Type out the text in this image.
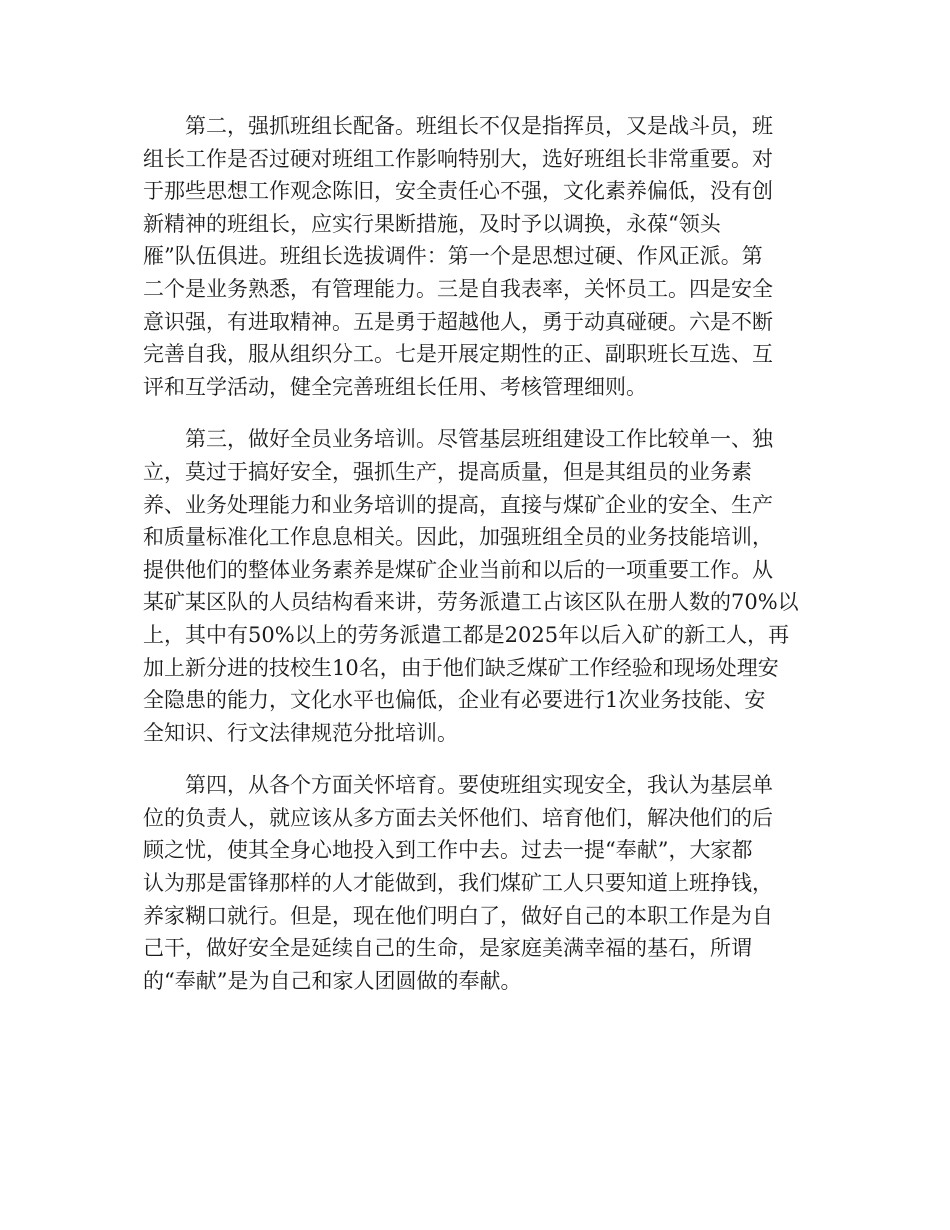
第二，强抓班组长配备。班组长不仅是指挥员，又是战斗员，班
组长工作是否过硬对班组工作影响特别大，选好班组长非常重要。对
于那些思想工作观念陈旧，安全责任心不强，文化素养偏低，没有创
新精神的班组长，应实行果断措施，及时予以调换，永葆“领头
雁”队伍俱进。班组长选拔调件：第一个是思想过硬、作风正派。第
二个是业务熟悉，有管理能力。三是自我表率，关怀员工。四是安全
意识强，有进取精神。五是勇于超越他人，勇于动真碰硬。六是不断
完善自我，服从组织分工。七是开展定期性的正、副职班长互选、互
评和互学活动，健全完善班组长任用、考核管理细则。
第三，做好全员业务培训。尽管基层班组建设工作比较单一、独
立，莫过于搞好安全，强抓生产，提高质量，但是其组员的业务素
养、业务处理能力和业务培训的提高，直接与煤矿企业的安全、生产
和质量标准化工作息息相关。因此，加强班组全员的业务技能培训，
提供他们的整体业务素养是煤矿企业当前和以后的一项重要工作。从
某矿某区队的人员结构看来讲，劳务派遣工占该区队在册人数的70%以
上，其中有50%以上的劳务派遣工都是2025年以后入矿的新工人，再
加上新分进的技校生10名，由于他们缺乏煤矿工作经验和现场处理安
全隐患的能力，文化水平也偏低，企业有必要进行1次业务技能、安
全知识、行文法律规范分批培训。
第四，从各个方面关怀培育。要使班组实现安全，我认为基层单
位的负责人，就应该从多方面去关怀他们、培育他们，解决他们的后
顾之忧，使其全身心地投入到工作中去。过去一提“奉献”，大家都
认为那是雷锋那样的人才能做到，我们煤矿工人只要知道上班挣钱，
养家糊口就行。但是，现在他们明白了，做好自己的本职工作是为自
己干，做好安全是延续自己的生命，是家庭美满幸福的基石，所谓
的“奉献”是为自己和家人团圆做的奉献。
